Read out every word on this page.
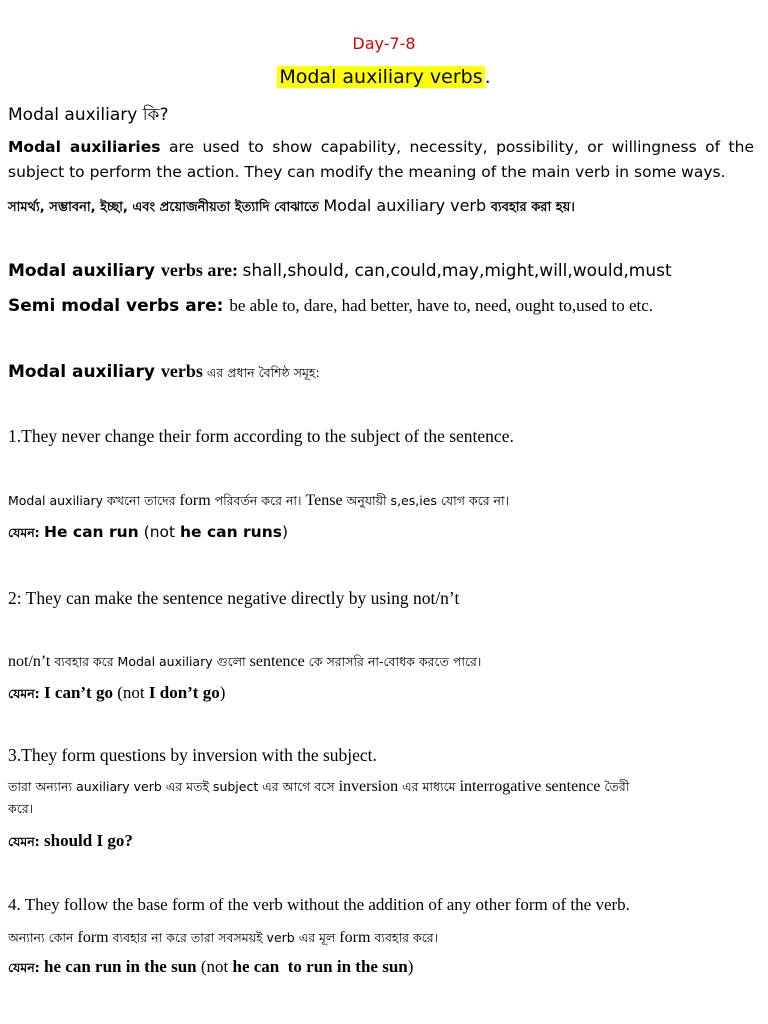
Day-7-8
Modal auxiliary verbs .
Modal auxiliary কি?
Modal auxiliaries are used to show capability, necessity, possibility, or willingness of the
subject to perform the action. They can modify the meaning of the main verb in some ways.
সামর্থ্য, সম্ভাবনা, ইচ্ছা, এবং প্রয়োজনীয়তা ইত্যাদি বোঝাতে Modal auxiliary verb ব্যবহার করা হয়।
Modal auxiliary verbs are: shall,should, can,could,may,might,will,would,must
Semi modal verbs are: be able to, dare, had better, have to, need, ought to,used to etc.
Modal auxiliary verbs এর প্রধান বৈশিষ্ঠ সমূহ:
1.They never change their form according to the subject of the sentence.
Modal auxiliary কখনো তাদের form পরিবর্তন করে না। Tense অনুযায়ী s,es,ies যোগ করে না।
যেমন: He can run (not he can runs)
2: They can make the sentence negative directly by using not/n’t
not/n’t ব্যবহার করে Modal auxiliary গুলো sentence কে সরাসরি না-বোধক করতে পারে।
যেমন: I can’t go (not I don’t go)
3.They form questions by inversion with the subject.
তারা অন্যান্য auxiliary verb এর মতই subject এর আগে বসে inversion এর মাধ্যমে interrogative sentence তৈরী
করে।
যেমন: should I go?
4. They follow the base form of the verb without the addition of any other form of the verb.
অন্যান্য কোন form ব্যবহার না করে তারা সবসময়ই verb এর মূল form ব্যবহার করে।
যেমন: he can run in the sun (not he can  to run in the sun)
